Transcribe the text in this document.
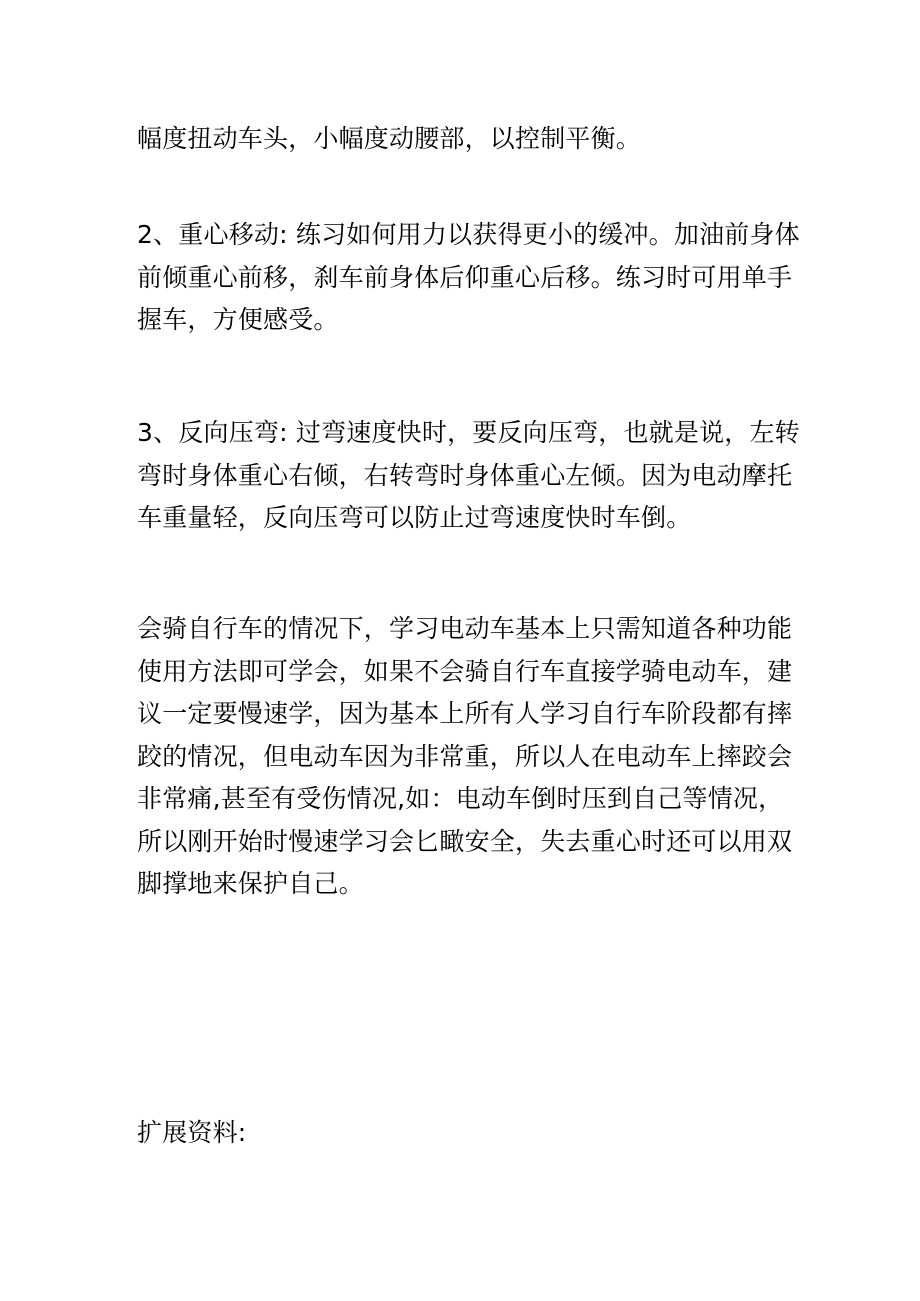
幅度扭动车头，小幅度动腰部，以控制平衡。

2、重心移动: 练习如何用力以获得更小的缓冲。加油前身体
前倾重心前移，刹车前身体后仰重心后移。练习时可用单手
握车，方便感受。

3、反向压弯: 过弯速度快时，要反向压弯，也就是说，左转
弯时身体重心右倾，右转弯时身体重心左倾。因为电动摩托
车重量轻，反向压弯可以防止过弯速度快时车倒。

会骑自行车的情况下，学习电动车基本上只需知道各种功能
使用方法即可学会，如果不会骑自行车直接学骑电动车，建
议一定要慢速学，因为基本上所有人学习自行车阶段都有摔
跤的情况，但电动车因为非常重，所以人在电动车上摔跤会
非常痛,甚至有受伤情况,如：电动车倒时压到自己等情况，
所以刚开始时慢速学习会匕瞰安全，失去重心时还可以用双
脚撑地来保护自己。

扩展资料:
